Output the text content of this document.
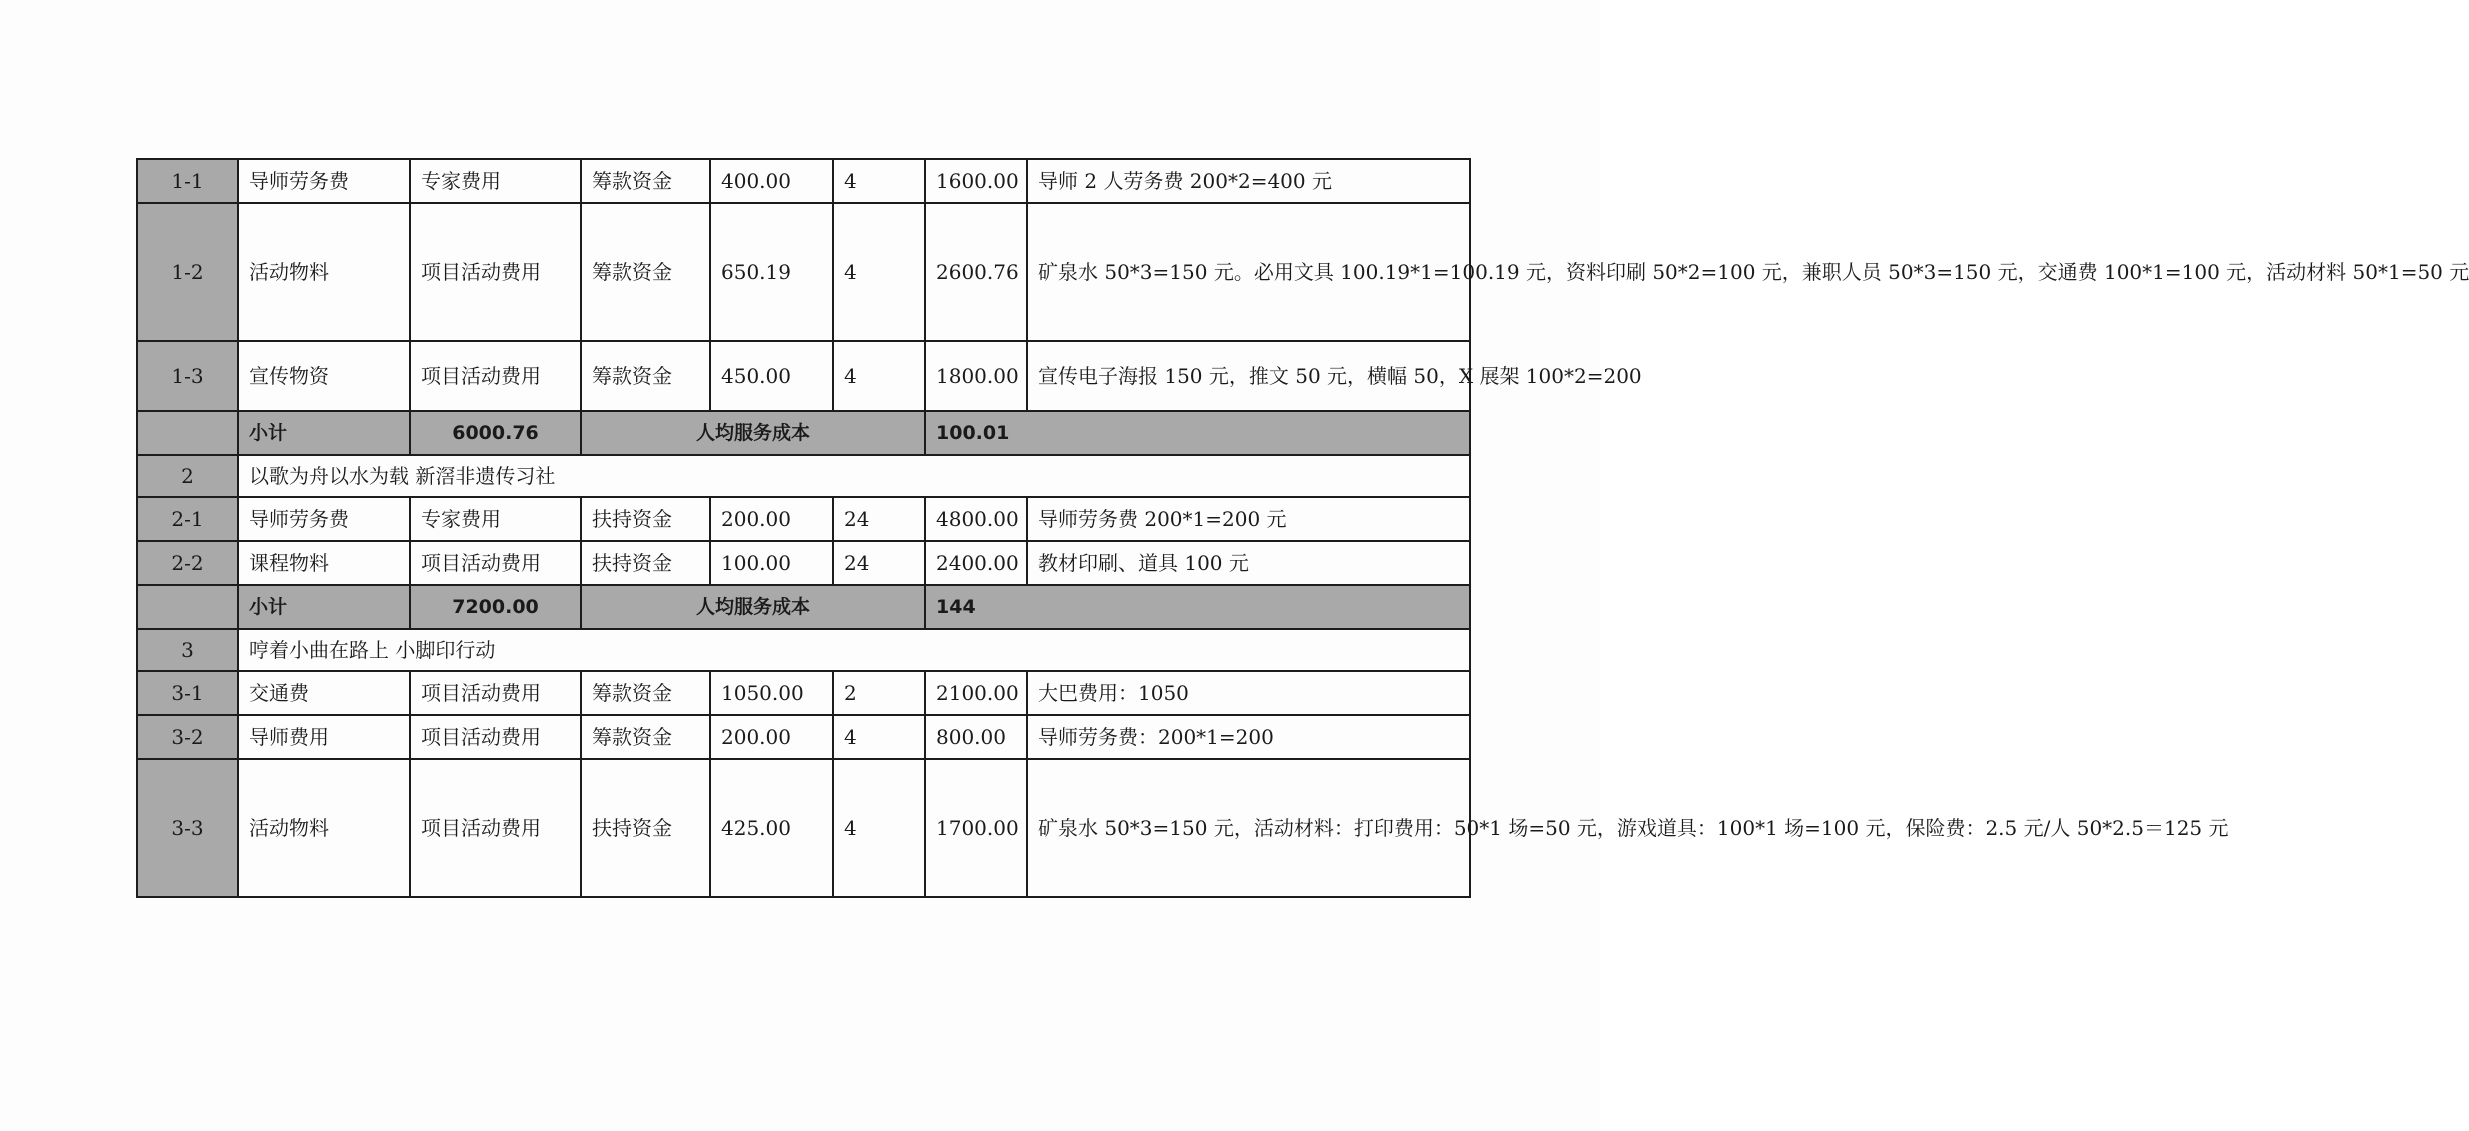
1-1	导师劳务费	专家费用	筹款资金	400.00	4	1600.00	导师 2 人劳务费 200*2=400 元
1-2	活动物料	项目活动费用	筹款资金	650.19	4	2600.76	矿泉水 50*3=150 元。必用文具 100.19*1=100.19 元，资料印刷 50*2=100 元，兼职人员 50*3=150 元，交通费 100*1=100 元，活动材料 50*1=50 元
1-3	宣传物资	项目活动费用	筹款资金	450.00	4	1800.00	宣传电子海报 150 元，推文 50 元，横幅 50，X 展架 100*2=200
	小计	6000.76	人均服务成本			100.01	
2	以歌为舟以水为载 新滘非遗传习社						
2-1	导师劳务费	专家费用	扶持资金	200.00	24	4800.00	导师劳务费 200*1=200 元
2-2	课程物料	项目活动费用	扶持资金	100.00	24	2400.00	教材印刷、道具 100 元
	小计	7200.00	人均服务成本			144	
3	哼着小曲在路上 小脚印行动						
3-1	交通费	项目活动费用	筹款资金	1050.00	2	2100.00	大巴费用：1050
3-2	导师费用	项目活动费用	筹款资金	200.00	4	800.00	导师劳务费：200*1=200
3-3	活动物料	项目活动费用	扶持资金	425.00	4	1700.00	矿泉水 50*3=150 元，活动材料：打印费用：50*1 场=50 元，游戏道具：100*1 场=100 元，保险费：2.5 元/人 50*2.5＝125 元
